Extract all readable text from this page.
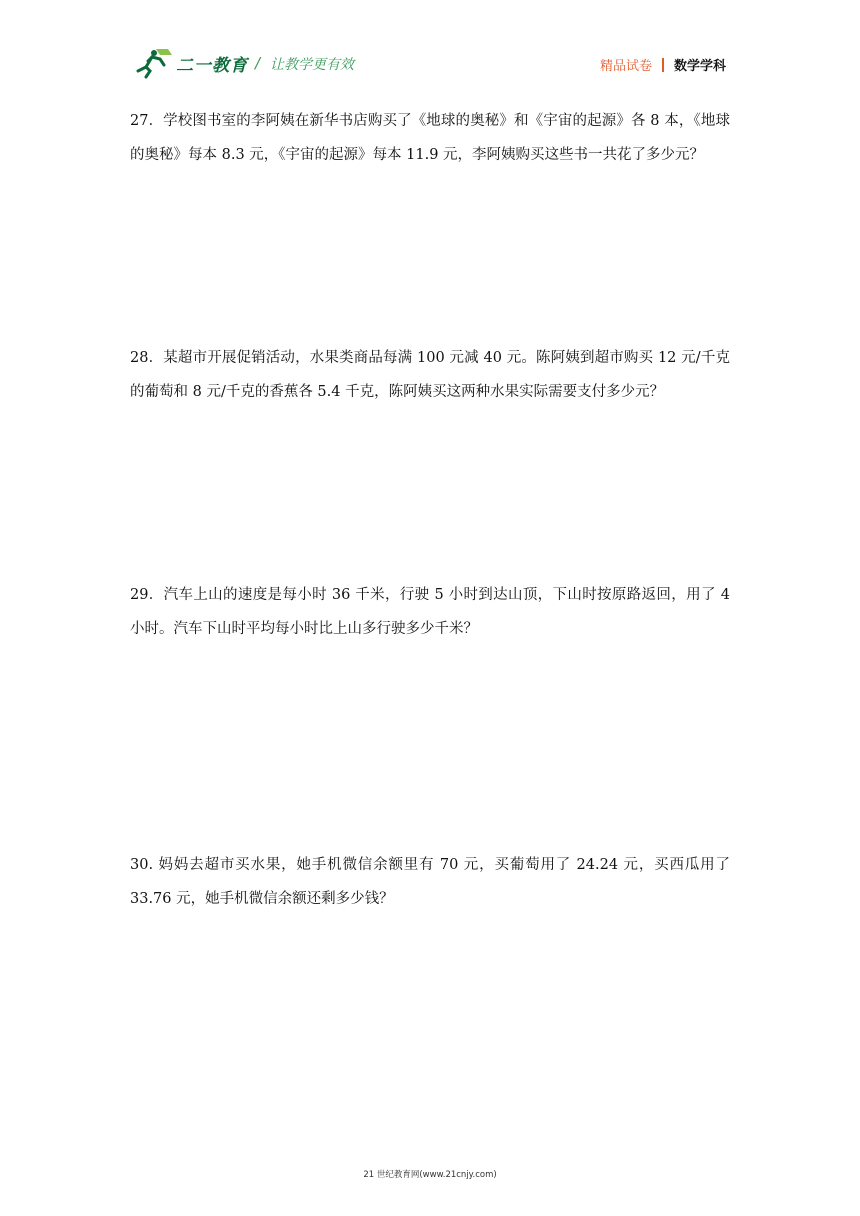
二一教育 / 让教学更有效	精品试卷 数学学科
27．学校图书室的李阿姨在新华书店购买了《地球的奥秘》和《宇宙的起源》各 8 本，《地球的奥秘》每本 8.3 元，《宇宙的起源》每本 11.9 元，李阿姨购买这些书一共花了多少元？
28．某超市开展促销活动，水果类商品每满 100 元减 40 元。陈阿姨到超市购买 12 元/千克的葡萄和 8 元/千克的香蕉各 5.4 千克，陈阿姨买这两种水果实际需要支付多少元？
29．汽车上山的速度是每小时 36 千米，行驶 5 小时到达山顶，下山时按原路返回，用了 4 小时。汽车下山时平均每小时比上山多行驶多少千米？
30. 妈妈去超市买水果，她手机微信余额里有 70 元，买葡萄用了 24.24 元，买西瓜用了 33.76 元，她手机微信余额还剩多少钱？
21 世纪教育网(www.21cnjy.com)
